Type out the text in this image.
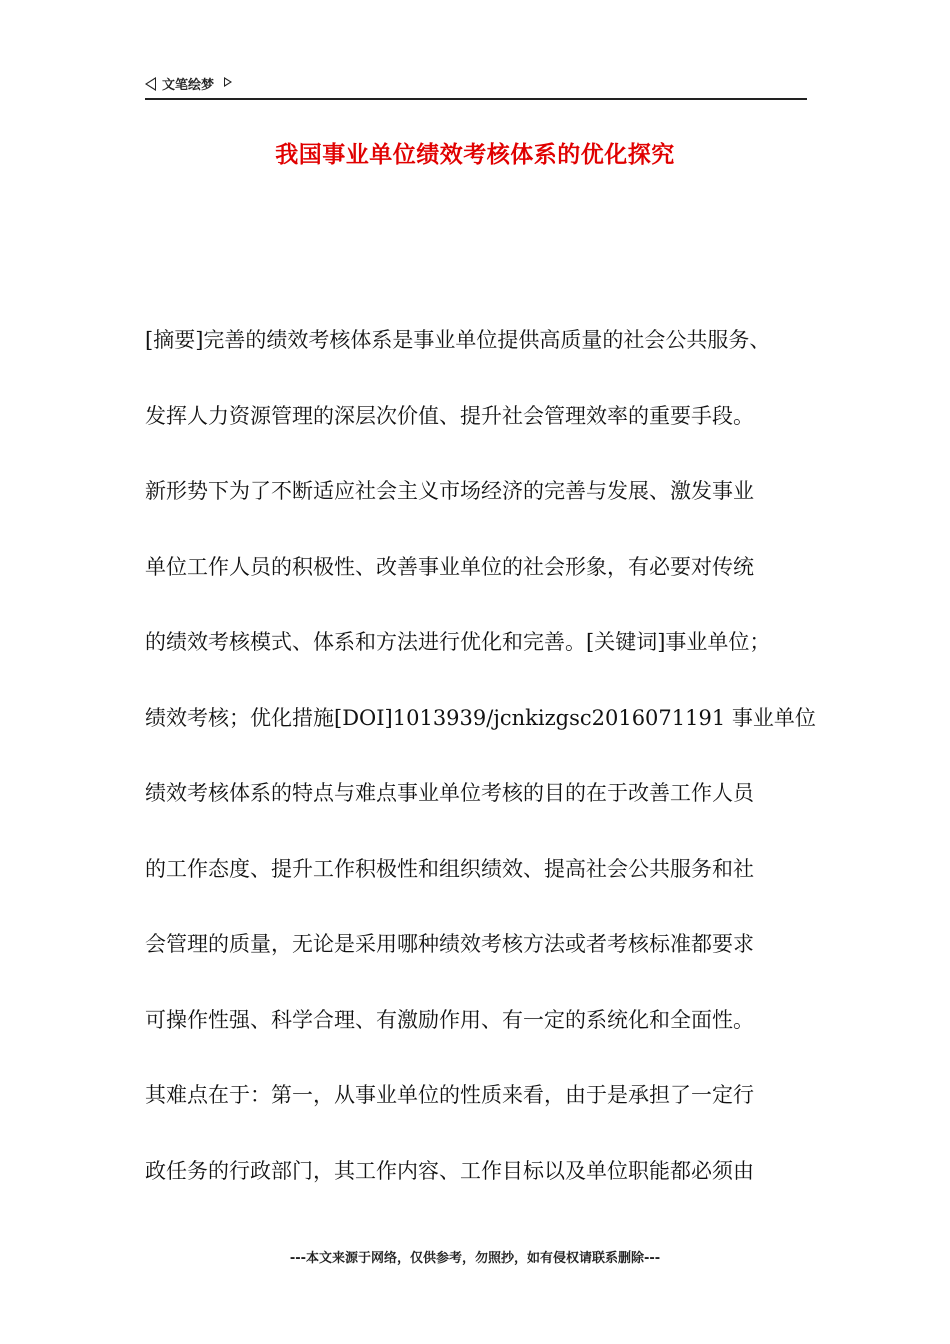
文笔绘梦
我国事业单位绩效考核体系的优化探究
[摘要]完善的绩效考核体系是事业单位提供高质量的社会公共服务、
发挥人力资源管理的深层次价值、提升社会管理效率的重要手段。
新形势下为了不断适应社会主义市场经济的完善与发展、激发事业
单位工作人员的积极性、改善事业单位的社会形象，有必要对传统
的绩效考核模式、体系和方法进行优化和完善。[关键词]事业单位；
绩效考核；优化措施[DOI]1013939/jcnkizgsc2016071191 事业单位
绩效考核体系的特点与难点事业单位考核的目的在于改善工作人员
的工作态度、提升工作积极性和组织绩效、提高社会公共服务和社
会管理的质量，无论是采用哪种绩效考核方法或者考核标准都要求
可操作性强、科学合理、有激励作用、有一定的系统化和全面性。
其难点在于：第一，从事业单位的性质来看，由于是承担了一定行
政任务的行政部门，其工作内容、工作目标以及单位职能都必须由
---本文来源于网络，仅供参考，勿照抄，如有侵权请联系删除---
